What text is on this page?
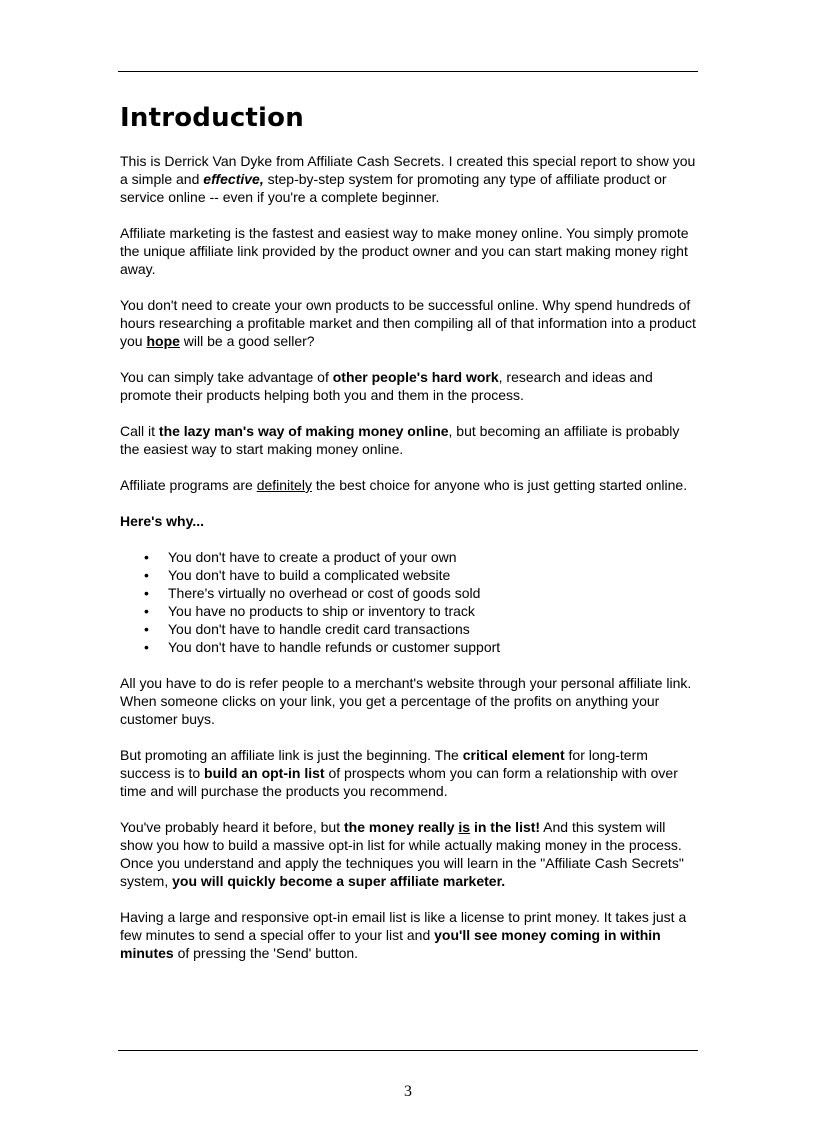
Introduction

This is Derrick Van Dyke from Affiliate Cash Secrets. I created this special report to show you a simple and effective, step-by-step system for promoting any type of affiliate product or service online -- even if you're a complete beginner.

Affiliate marketing is the fastest and easiest way to make money online. You simply promote the unique affiliate link provided by the product owner and you can start making money right away.

You don't need to create your own products to be successful online. Why spend hundreds of hours researching a profitable market and then compiling all of that information into a product you hope will be a good seller?

You can simply take advantage of other people's hard work, research and ideas and promote their products helping both you and them in the process.

Call it the lazy man's way of making money online, but becoming an affiliate is probably the easiest way to start making money online.

Affiliate programs are definitely the best choice for anyone who is just getting started online.

Here's why...

• You don't have to create a product of your own
• You don't have to build a complicated website
• There's virtually no overhead or cost of goods sold
• You have no products to ship or inventory to track
• You don't have to handle credit card transactions
• You don't have to handle refunds or customer support

All you have to do is refer people to a merchant's website through your personal affiliate link. When someone clicks on your link, you get a percentage of the profits on anything your customer buys.

But promoting an affiliate link is just the beginning. The critical element for long-term success is to build an opt-in list of prospects whom you can form a relationship with over time and will purchase the products you recommend.

You've probably heard it before, but the money really is in the list! And this system will show you how to build a massive opt-in list for while actually making money in the process. Once you understand and apply the techniques you will learn in the "Affiliate Cash Secrets" system, you will quickly become a super affiliate marketer.

Having a large and responsive opt-in email list is like a license to print money. It takes just a few minutes to send a special offer to your list and you'll see money coming in within minutes of pressing the 'Send' button.

3
